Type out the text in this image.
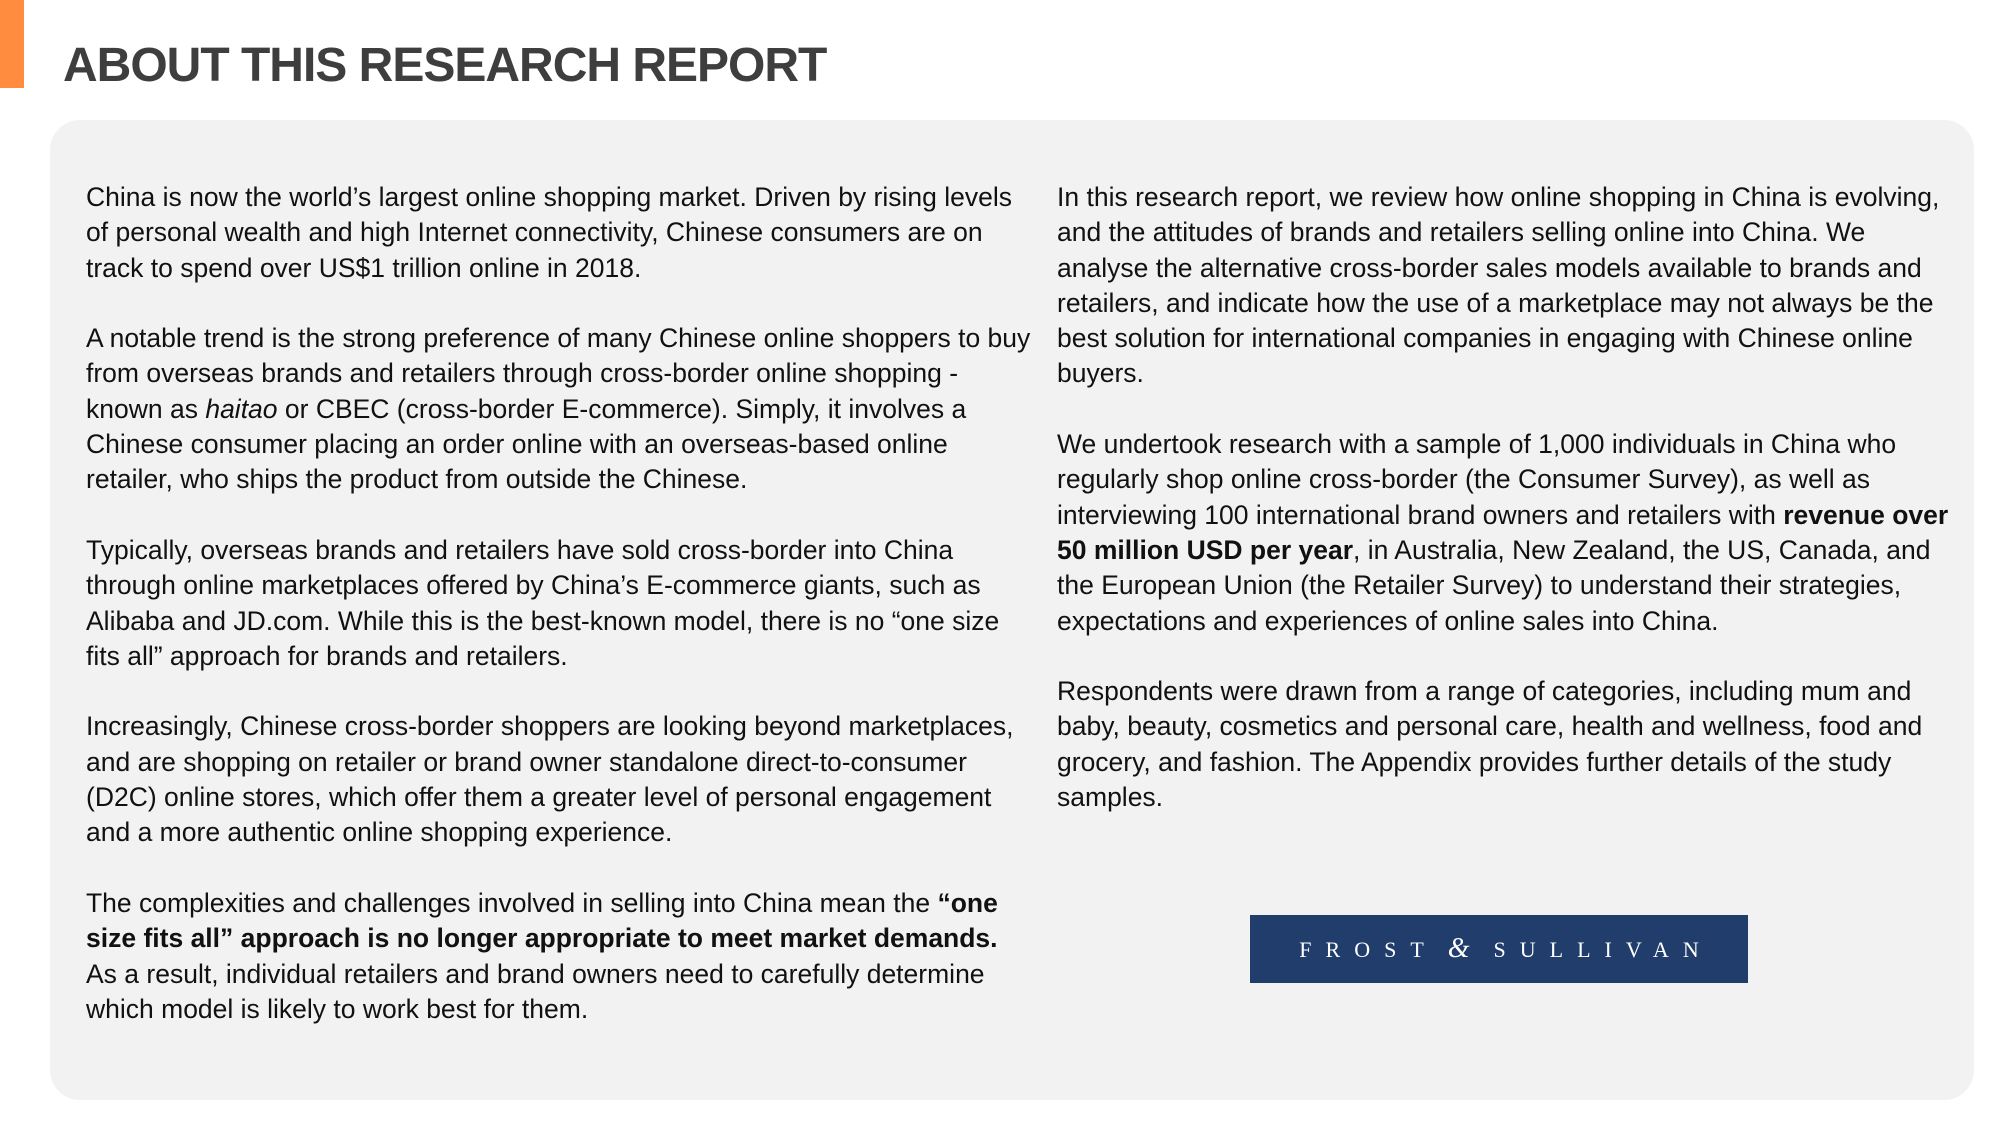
ABOUT THIS RESEARCH REPORT

China is now the world’s largest online shopping market. Driven by rising levels of personal wealth and high Internet connectivity, Chinese consumers are on track to spend over US$1 trillion online in 2018.

A notable trend is the strong preference of many Chinese online shoppers to buy from overseas brands and retailers through cross-border online shopping - known as haitao or CBEC (cross-border E-commerce). Simply, it involves a Chinese consumer placing an order online with an overseas-based online retailer, who ships the product from outside the Chinese.

Typically, overseas brands and retailers have sold cross-border into China through online marketplaces offered by China’s E-commerce giants, such as Alibaba and JD.com. While this is the best-known model, there is no “one size fits all” approach for brands and retailers.

Increasingly, Chinese cross-border shoppers are looking beyond marketplaces, and are shopping on retailer or brand owner standalone direct-to-consumer (D2C) online stores, which offer them a greater level of personal engagement and a more authentic online shopping experience.

The complexities and challenges involved in selling into China mean the “one size fits all” approach is no longer appropriate to meet market demands. As a result, individual retailers and brand owners need to carefully determine which model is likely to work best for them.

In this research report, we review how online shopping in China is evolving, and the attitudes of brands and retailers selling online into China. We analyse the alternative cross-border sales models available to brands and retailers, and indicate how the use of a marketplace may not always be the best solution for international companies in engaging with Chinese online buyers.

We undertook research with a sample of 1,000 individuals in China who regularly shop online cross-border (the Consumer Survey), as well as interviewing 100 international brand owners and retailers with revenue over 50 million USD per year, in Australia, New Zealand, the US, Canada, and the European Union (the Retailer Survey) to understand their strategies, expectations and experiences of online sales into China.

Respondents were drawn from a range of categories, including mum and baby, beauty, cosmetics and personal care, health and wellness, food and grocery, and fashion. The Appendix provides further details of the study samples.

FROST & SULLIVAN
